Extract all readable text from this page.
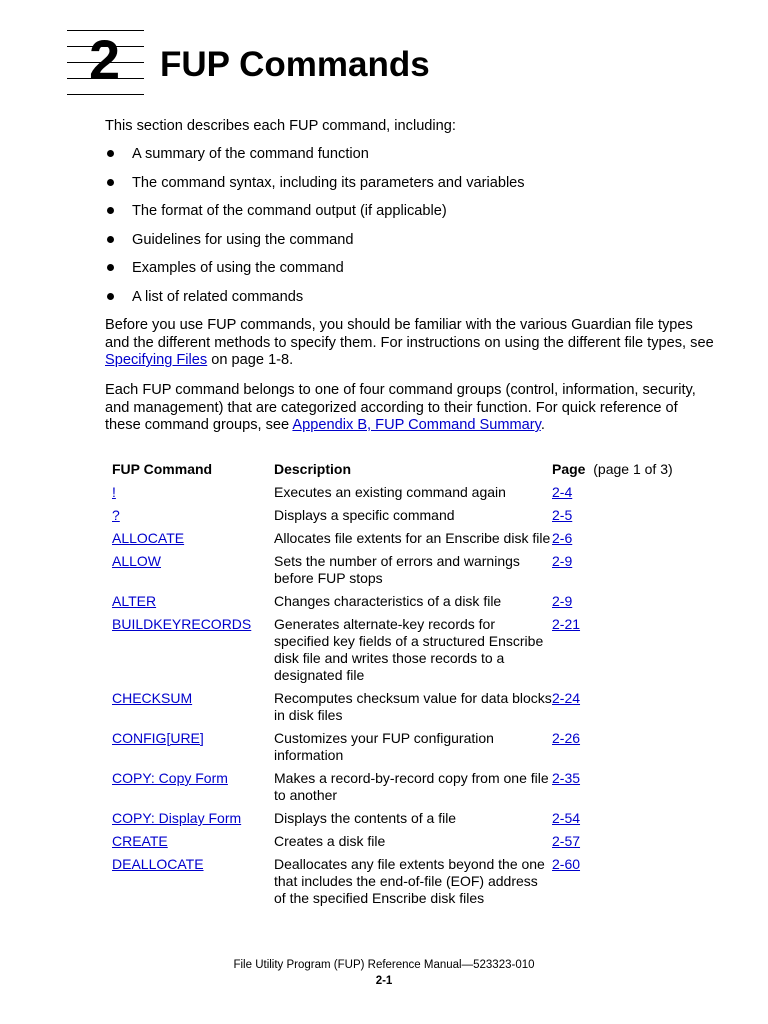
2 FUP Commands
This section describes each FUP command, including:
A summary of the command function
The command syntax, including its parameters and variables
The format of the command output (if applicable)
Guidelines for using the command
Examples of using the command
A list of related commands
Before you use FUP commands, you should be familiar with the various Guardian file types and the different methods to specify them. For instructions on using the different file types, see Specifying Files on page 1-8.
Each FUP command belongs to one of four command groups (control, information, security, and management) that are categorized according to their function. For quick reference of these command groups, see Appendix B, FUP Command Summary.
FUP Command	Description	Page (page 1 of 3)
!	Executes an existing command again	2-4
?	Displays a specific command	2-5
ALLOCATE	Allocates file extents for an Enscribe disk file	2-6
ALLOW	Sets the number of errors and warnings before FUP stops	2-9
ALTER	Changes characteristics of a disk file	2-9
BUILDKEYRECORDS	Generates alternate-key records for specified key fields of a structured Enscribe disk file and writes those records to a designated file	2-21
CHECKSUM	Recomputes checksum value for data blocks in disk files	2-24
CONFIG[URE]	Customizes your FUP configuration information	2-26
COPY: Copy Form	Makes a record-by-record copy from one file to another	2-35
COPY: Display Form	Displays the contents of a file	2-54
CREATE	Creates a disk file	2-57
DEALLOCATE	Deallocates any file extents beyond the one that includes the end-of-file (EOF) address of the specified Enscribe disk files	2-60
File Utility Program (FUP) Reference Manual—523323-010
2-1
